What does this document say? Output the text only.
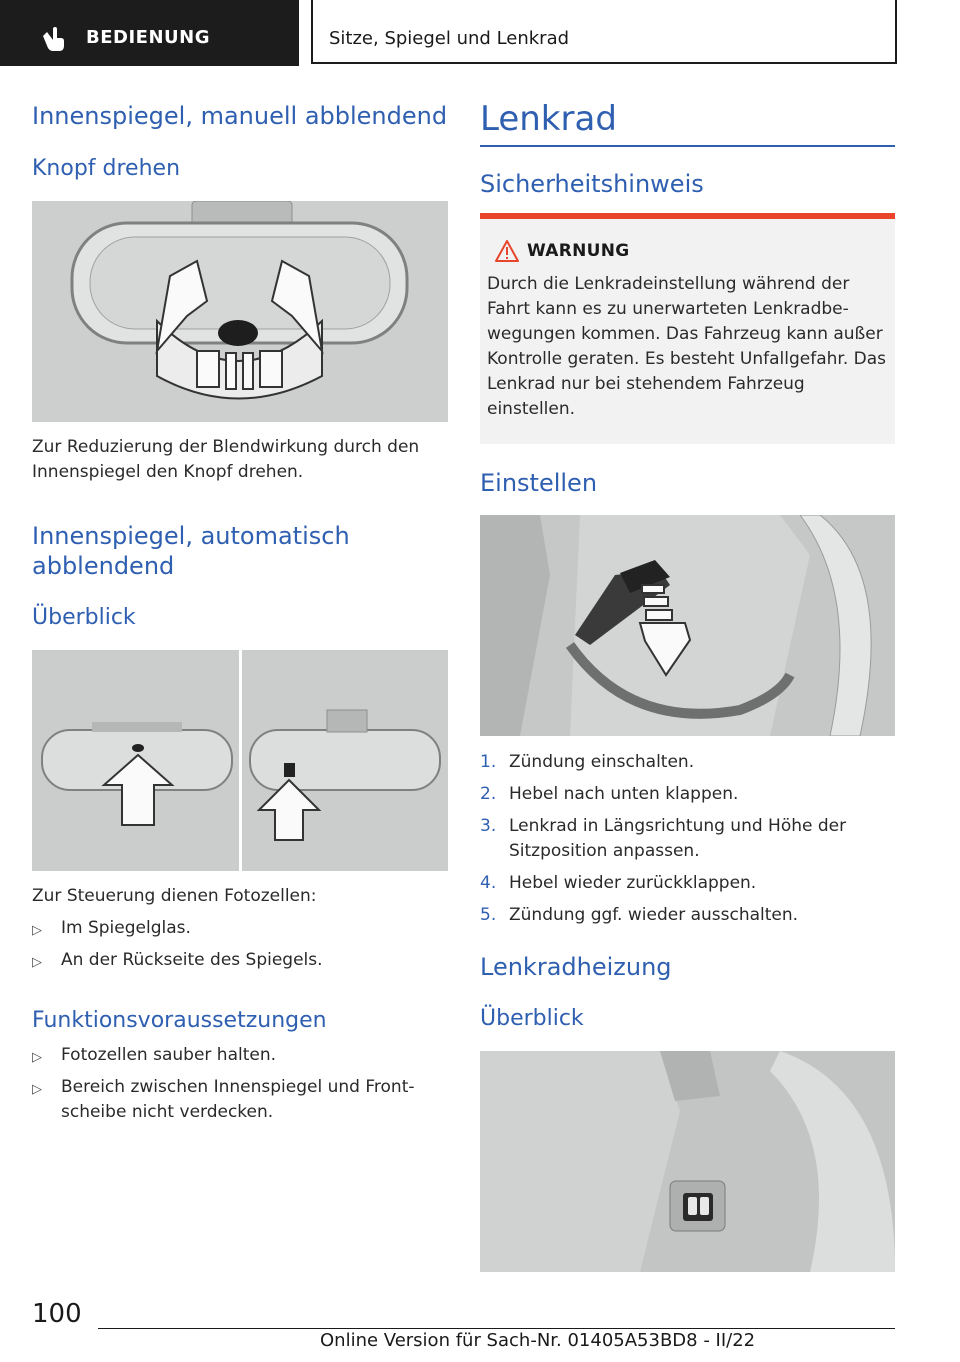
BEDIENUNG	Sitze, Spiegel und Lenkrad
Innenspiegel, manuell abblendend
Knopf drehen
Zur Reduzierung der Blendwirkung durch den Innenspiegel den Knopf drehen.
Innenspiegel, automatisch
abblendend
Überblick
Zur Steuerung dienen Fotozellen:
▷ Im Spiegelglas.
▷ An der Rückseite des Spiegels.
Funktionsvoraussetzungen
▷ Fotozellen sauber halten.
▷ Bereich zwischen Innenspiegel und Frontscheibe nicht verdecken.
Lenkrad
Sicherheitshinweis
WARNUNG
Durch die Lenkradeinstellung während der Fahrt kann es zu unerwarteten Lenkradbewegungen kommen. Das Fahrzeug kann außer Kontrolle geraten. Es besteht Unfallgefahr. Das Lenkrad nur bei stehendem Fahrzeug einstellen.
Einstellen
1. Zündung einschalten.
2. Hebel nach unten klappen.
3. Lenkrad in Längsrichtung und Höhe der Sitzposition anpassen.
4. Hebel wieder zurückklappen.
5. Zündung ggf. wieder ausschalten.
Lenkradheizung
Überblick
100
Online Version für Sach-Nr. 01405A53BD8 - II/22
